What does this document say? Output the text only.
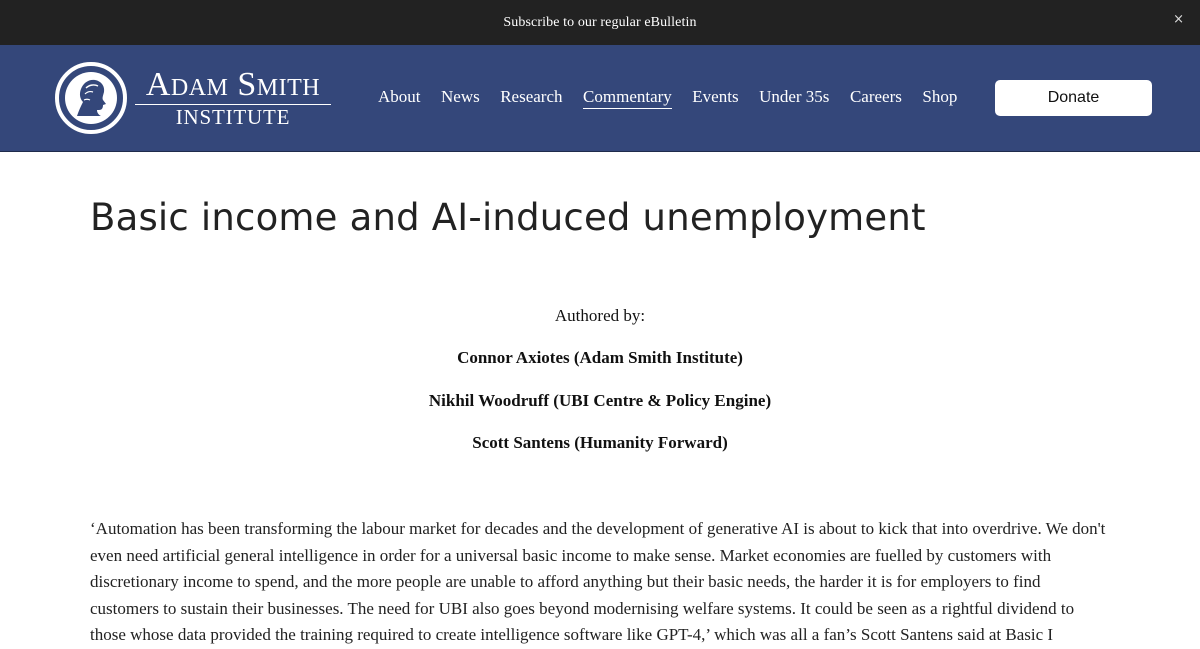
Subscribe to our regular eBulletin	×
Adam Smith
INSTITUTE
About News Research Commentary Events Under 35s Careers Shop	Donate
Basic income and AI-induced unemployment
Authored by:
Connor Axiotes (Adam Smith Institute)
Nikhil Woodruff (UBI Centre & Policy Engine)
Scott Santens (Humanity Forward)

‘Automation has been transforming the labour market for decades and the development of generative AI is about to kick that into overdrive. We don't even need artificial general intelligence in order for a universal basic income to make sense. Market economies are fuelled by customers with discretionary income to spend, and the more people are unable to afford anything but their basic needs, the harder it is for employers to find customers to sustain their businesses. The need for UBI also goes beyond modernising welfare systems. It could be seen as a rightful dividend to those whose data provided the training required to create intelligence software like GPT-4,’ which was all a fan’s Scott Santens said at Basic I
